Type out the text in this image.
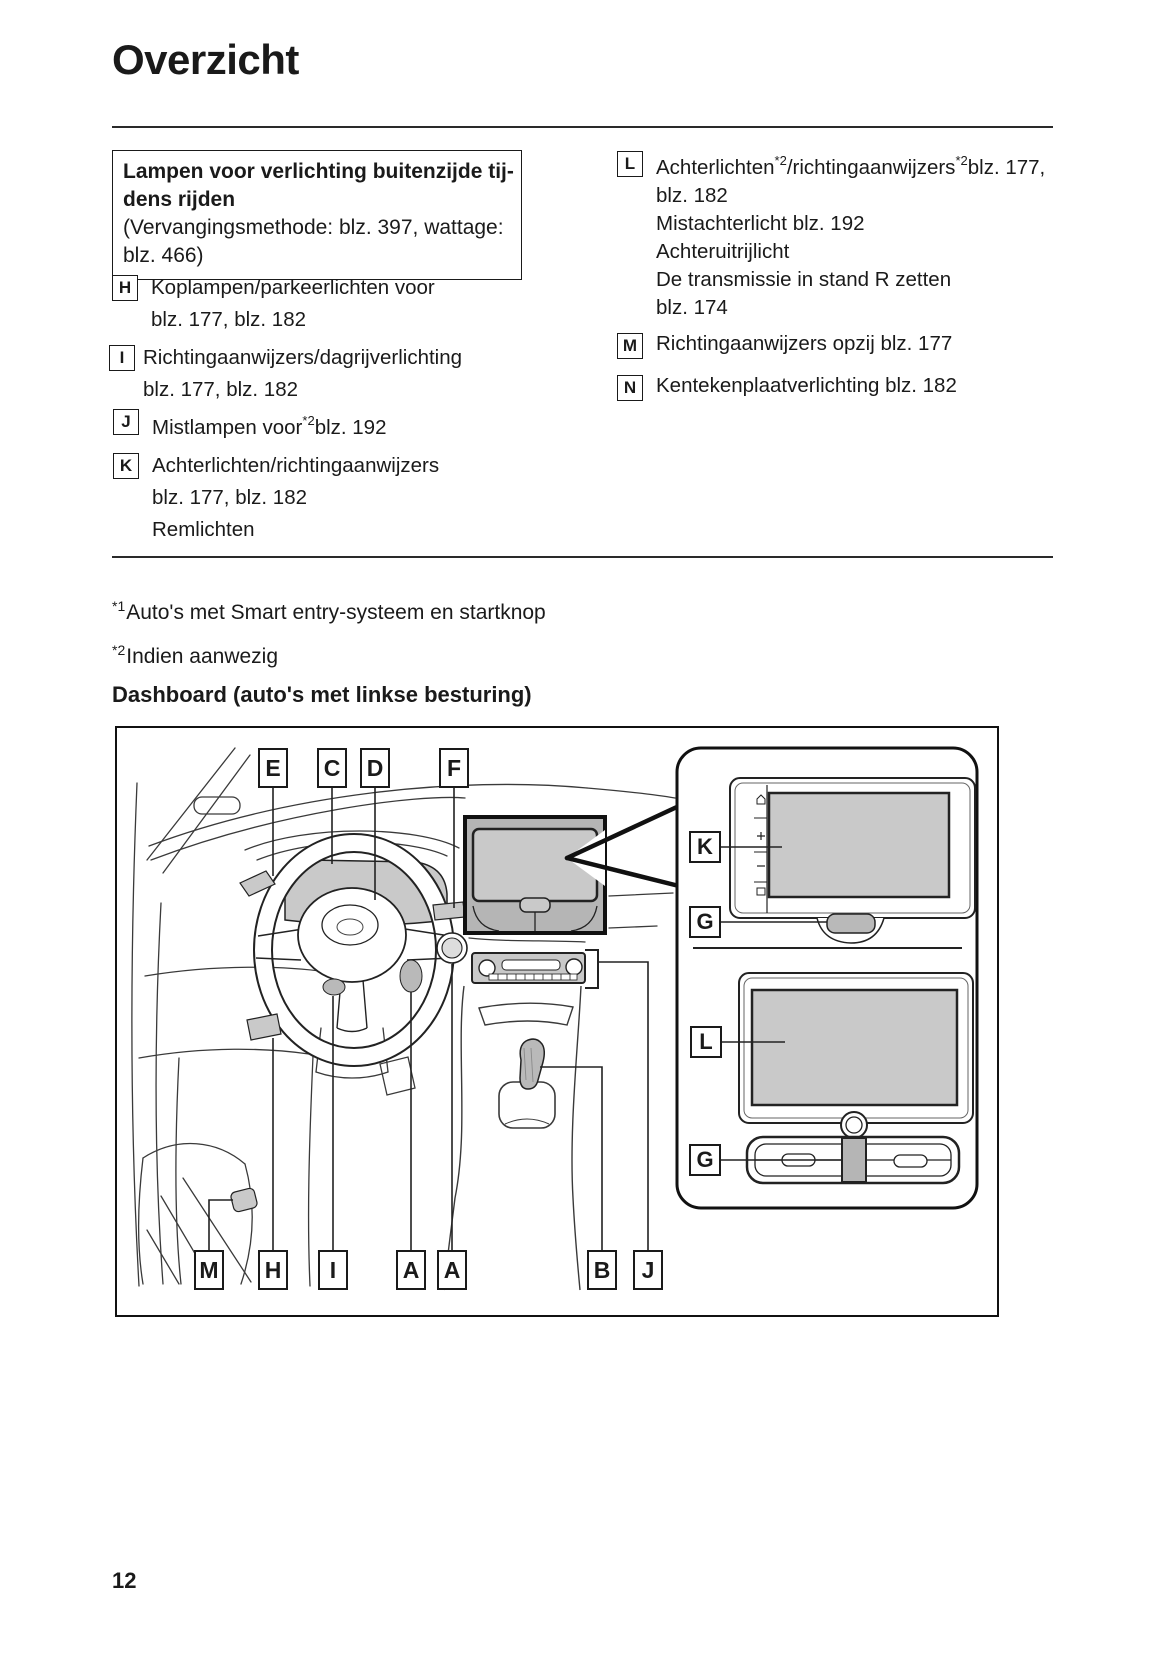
Overzicht
Lampen voor verlichting buitenzijde tij-
dens rijden
(Vervangingsmethode: blz. 397, wattage:
blz. 466)
H Koplampen/parkeerlichten voor
blz. 177, blz. 182
I Richtingaanwijzers/dagrijverlichting
blz. 177, blz. 182
J	Mistlampen voor$^{*2}$blz. 192
K Achterlichten/richtingaanwijzers
blz. 177, blz. 182
Remlichten
L	Achterlichten$^{*2}$/richtingaanwijzers$^{*2}$blz. 177,
blz. 182
Mistachterlicht blz. 192
Achteruitrijlicht
De transmissie in stand R zetten
blz. 174
M Richtingaanwijzers opzij blz. 177
N Kentekenplaatverlichting blz. 182
$^{*1}$Auto's met Smart entry-systeem en startknop
$^{*2}$Indien aanwezig
Dashboard (auto's met linkse besturing)
E	C D	F
K
G
L
G
M H	I	A A	B	J
12
